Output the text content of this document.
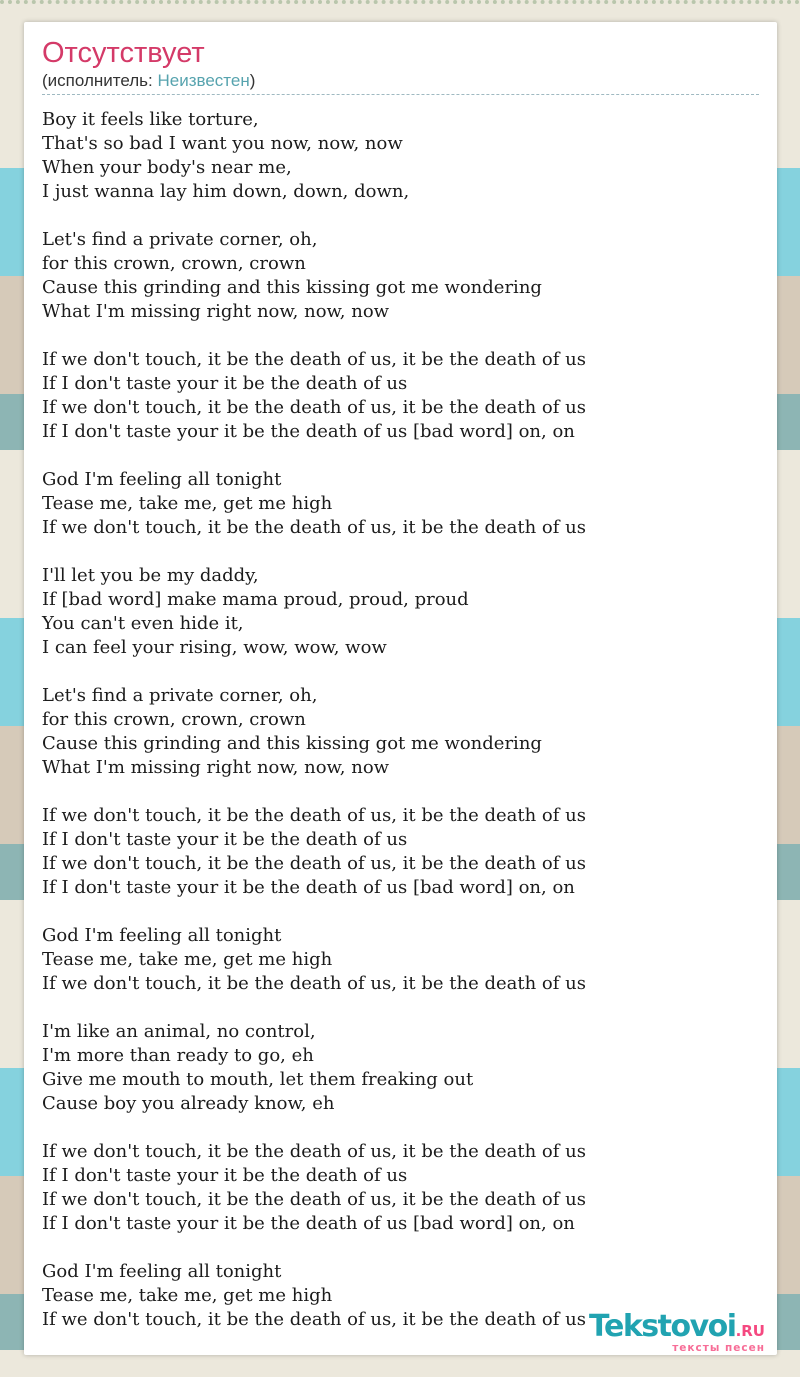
Отсутствует
(исполнитель: Неизвестен)
Boy it feels like torture,
That's so bad I want you now, now, now
When your body's near me,
I just wanna lay him down, down, down,
Let's find a private corner, oh,
for this crown, crown, crown
Cause this grinding and this kissing got me wondering
What I'm missing right now, now, now
If we don't touch, it be the death of us, it be the death of us
If I don't taste your it be the death of us
If we don't touch, it be the death of us, it be the death of us
If I don't taste your it be the death of us [bad word] on, on
God I'm feeling all tonight
Tease me, take me, get me high
If we don't touch, it be the death of us, it be the death of us
I'll let you be my daddy,
If [bad word] make mama proud, proud, proud
You can't even hide it,
I can feel your rising, wow, wow, wow
Let's find a private corner, oh,
for this crown, crown, crown
Cause this grinding and this kissing got me wondering
What I'm missing right now, now, now
If we don't touch, it be the death of us, it be the death of us
If I don't taste your it be the death of us
If we don't touch, it be the death of us, it be the death of us
If I don't taste your it be the death of us [bad word] on, on
God I'm feeling all tonight
Tease me, take me, get me high
If we don't touch, it be the death of us, it be the death of us
I'm like an animal, no control,
I'm more than ready to go, eh
Give me mouth to mouth, let them freaking out
Cause boy you already know, eh
If we don't touch, it be the death of us, it be the death of us
If I don't taste your it be the death of us
If we don't touch, it be the death of us, it be the death of us
If I don't taste your it be the death of us [bad word] on, on
God I'm feeling all tonight
Tease me, take me, get me high
If we don't touch, it be the death of us, it be the death of us Tekstovoi.RU
тексты песен
